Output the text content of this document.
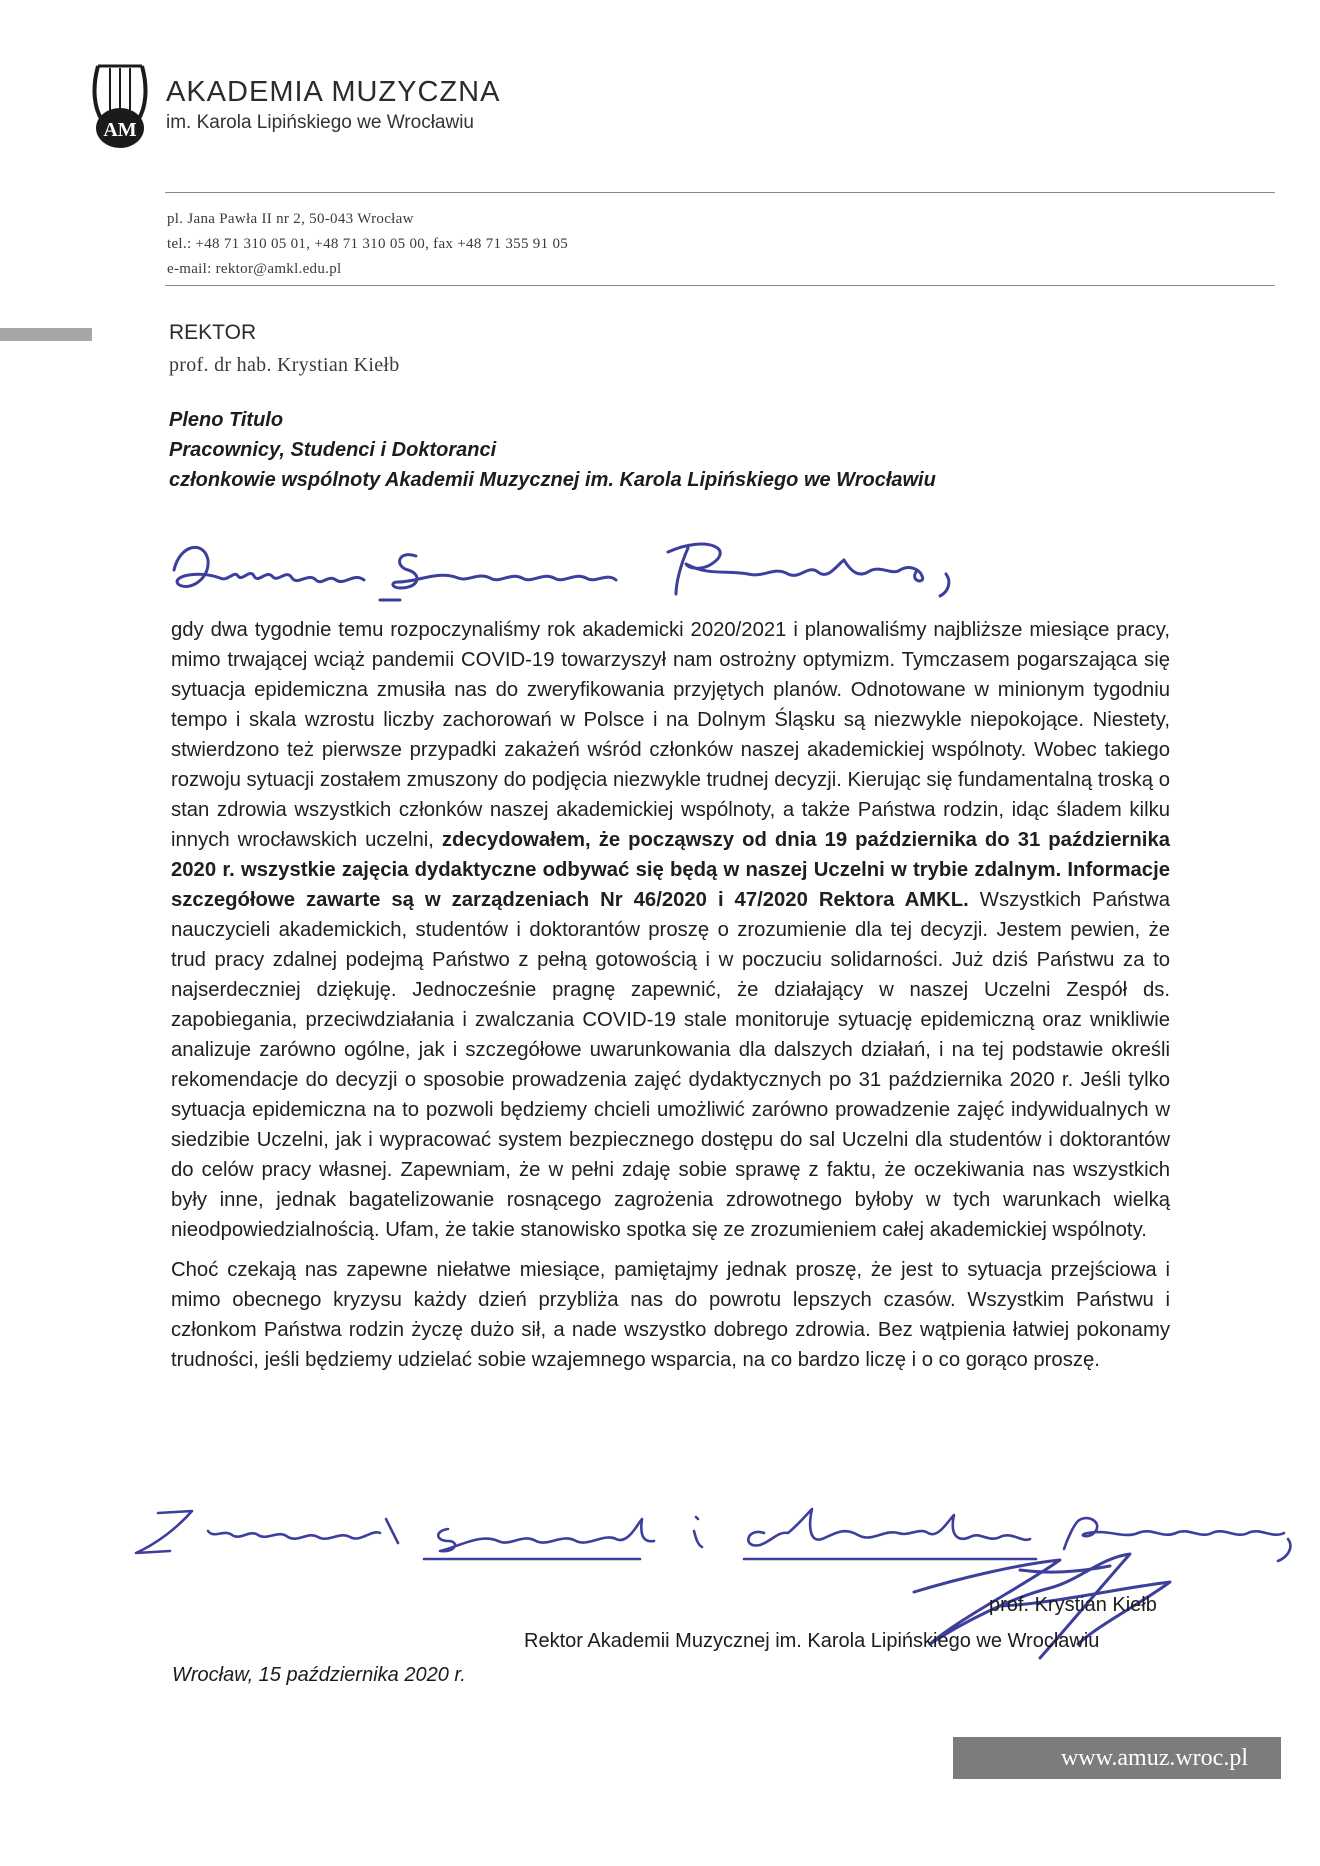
AM
AKADEMIA MUZYCZNA
im. Karola Lipińskiego we Wrocławiu
pl. Jana Pawła II nr 2, 50-043 Wrocław
tel.: +48 71 310 05 01, +48 71 310 05 00, fax +48 71 355 91 05
e-mail: rektor@amkl.edu.pl
REKTOR
prof. dr hab. Krystian Kiełb
Pleno Titulo
Pracownicy, Studenci i Doktoranci
członkowie wspólnoty Akademii Muzycznej im. Karola Lipińskiego we Wrocławiu

gdy dwa tygodnie temu rozpoczynaliśmy rok akademicki 2020/2021 i planowaliśmy najbliższe miesiące pracy, mimo trwającej wciąż pandemii COVID-19 towarzyszył nam ostrożny optymizm. Tymczasem pogarszająca się sytuacja epidemiczna zmusiła nas do zweryfikowania przyjętych planów. Odnotowane w minionym tygodniu tempo i skala wzrostu liczby zachorowań w Polsce i na Dolnym Śląsku są niezwykle niepokojące. Niestety, stwierdzono też pierwsze przypadki zakażeń wśród członków naszej akademickiej wspólnoty. Wobec takiego rozwoju sytuacji zostałem zmuszony do podjęcia niezwykle trudnej decyzji. Kierując się fundamentalną troską o stan zdrowia wszystkich członków naszej akademickiej wspólnoty, a także Państwa rodzin, idąc śladem kilku innych wrocławskich uczelni, zdecydowałem, że począwszy od dnia 19 października do 31 października 2020 r. wszystkie zajęcia dydaktyczne odbywać się będą w naszej Uczelni w trybie zdalnym. Informacje szczegółowe zawarte są w zarządzeniach Nr 46/2020 i 47/2020 Rektora AMKL. Wszystkich Państwa nauczycieli akademickich, studentów i doktorantów proszę o zrozumienie dla tej decyzji. Jestem pewien, że trud pracy zdalnej podejmą Państwo z pełną gotowością i w poczuciu solidarności. Już dziś Państwu za to najserdeczniej dziękuję. Jednocześnie pragnę zapewnić, że działający w naszej Uczelni Zespół ds. zapobiegania, przeciwdziałania i zwalczania COVID-19 stale monitoruje sytuację epidemiczną oraz wnikliwie analizuje zarówno ogólne, jak i szczegółowe uwarunkowania dla dalszych działań, i na tej podstawie określi rekomendacje do decyzji o sposobie prowadzenia zajęć dydaktycznych po 31 października 2020 r. Jeśli tylko sytuacja epidemiczna na to pozwoli będziemy chcieli umożliwić zarówno prowadzenie zajęć indywidualnych w siedzibie Uczelni, jak i wypracować system bezpiecznego dostępu do sal Uczelni dla studentów i doktorantów do celów pracy własnej. Zapewniam, że w pełni zdaję sobie sprawę z faktu, że oczekiwania nas wszystkich były inne, jednak bagatelizowanie rosnącego zagrożenia zdrowotnego byłoby w tych warunkach wielką nieodpowiedzialnością. Ufam, że takie stanowisko spotka się ze zrozumieniem całej akademickiej wspólnoty.

Choć czekają nas zapewne niełatwe miesiące, pamiętajmy jednak proszę, że jest to sytuacja przejściowa i mimo obecnego kryzysu każdy dzień przybliża nas do powrotu lepszych czasów. Wszystkim Państwu i członkom Państwa rodzin życzę dużo sił, a nade wszystko dobrego zdrowia. Bez wątpienia łatwiej pokonamy trudności, jeśli będziemy udzielać sobie wzajemnego wsparcia, na co bardzo liczę i o co gorąco proszę.

prof. Krystian Kiełb
Rektor Akademii Muzycznej im. Karola Lipińskiego we Wrocławiu
Wrocław, 15 października 2020 r.
www.amuz.wroc.pl
